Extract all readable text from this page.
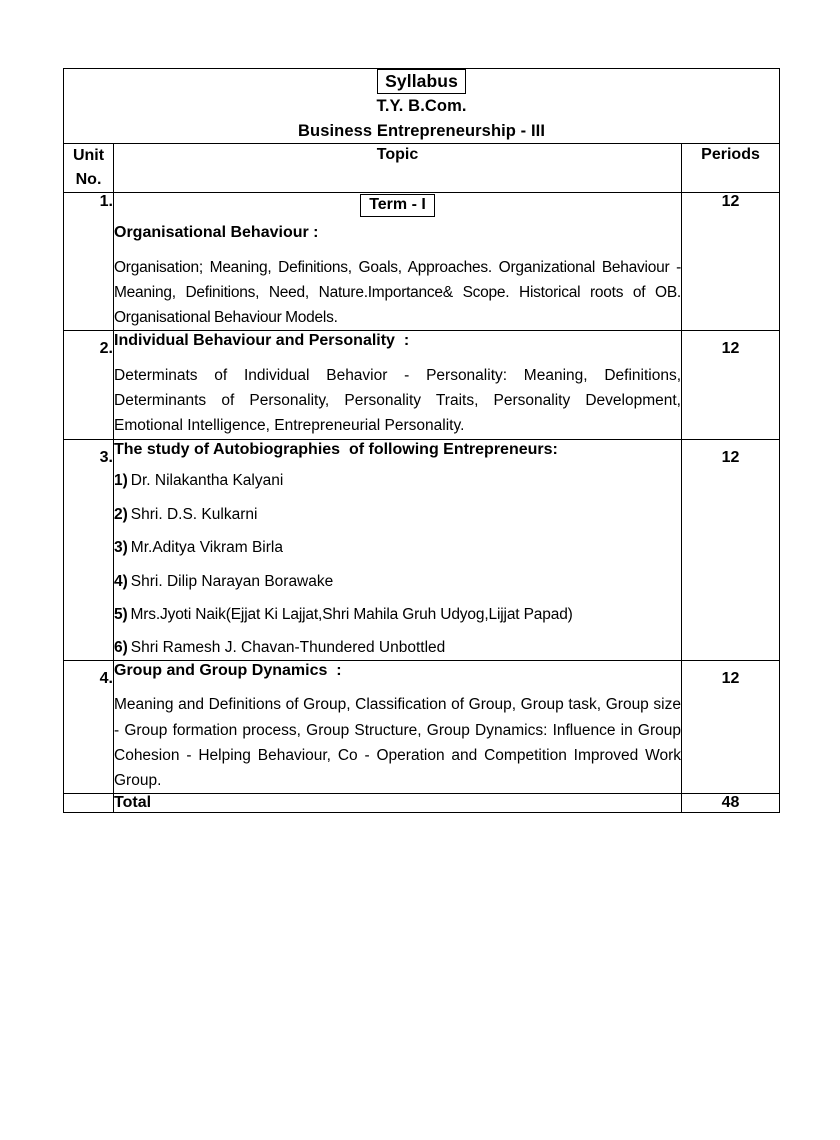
Syllabus
T.Y. B.Com.
Business Entrepreneurship - III		

Unit
No.	Topic	Periods
1.	Term - I

Organisational Behaviour :

Organisation; Meaning, Definitions, Goals, Approaches. Organizational Behaviour -Meaning, Definitions, Need, Nature.Importance& Scope. Historical roots of OB. Organisational Behaviour Models.	12
2.	Individual Behaviour and Personality  :

Determinats of Individual Behavior - Personality: Meaning, Definitions, Determinants of Personality, Personality Traits, Personality Development, Emotional Intelligence, Entrepreneurial Personality.	12
3.	The study of Autobiographies  of following Entrepreneurs:

1) Dr. Nilakantha Kalyani
2) Shri. D.S. Kulkarni
3) Mr.Aditya Vikram Birla
4) Shri. Dilip Narayan Borawake
5) Mrs.Jyoti Naik(Ejjat Ki Lajjat,Shri Mahila Gruh Udyog,Lijjat Papad)
6) Shri Ramesh J. Chavan-Thundered Unbottled
	12
4.	Group and Group Dynamics  :

Meaning and Definitions of Group, Classification of Group, Group task, Group size - Group formation process, Group Structure, Group Dynamics: Influence in Group Cohesion - Helping Behaviour, Co - Operation and Competition Improved Work Group.	12
	Total	48
